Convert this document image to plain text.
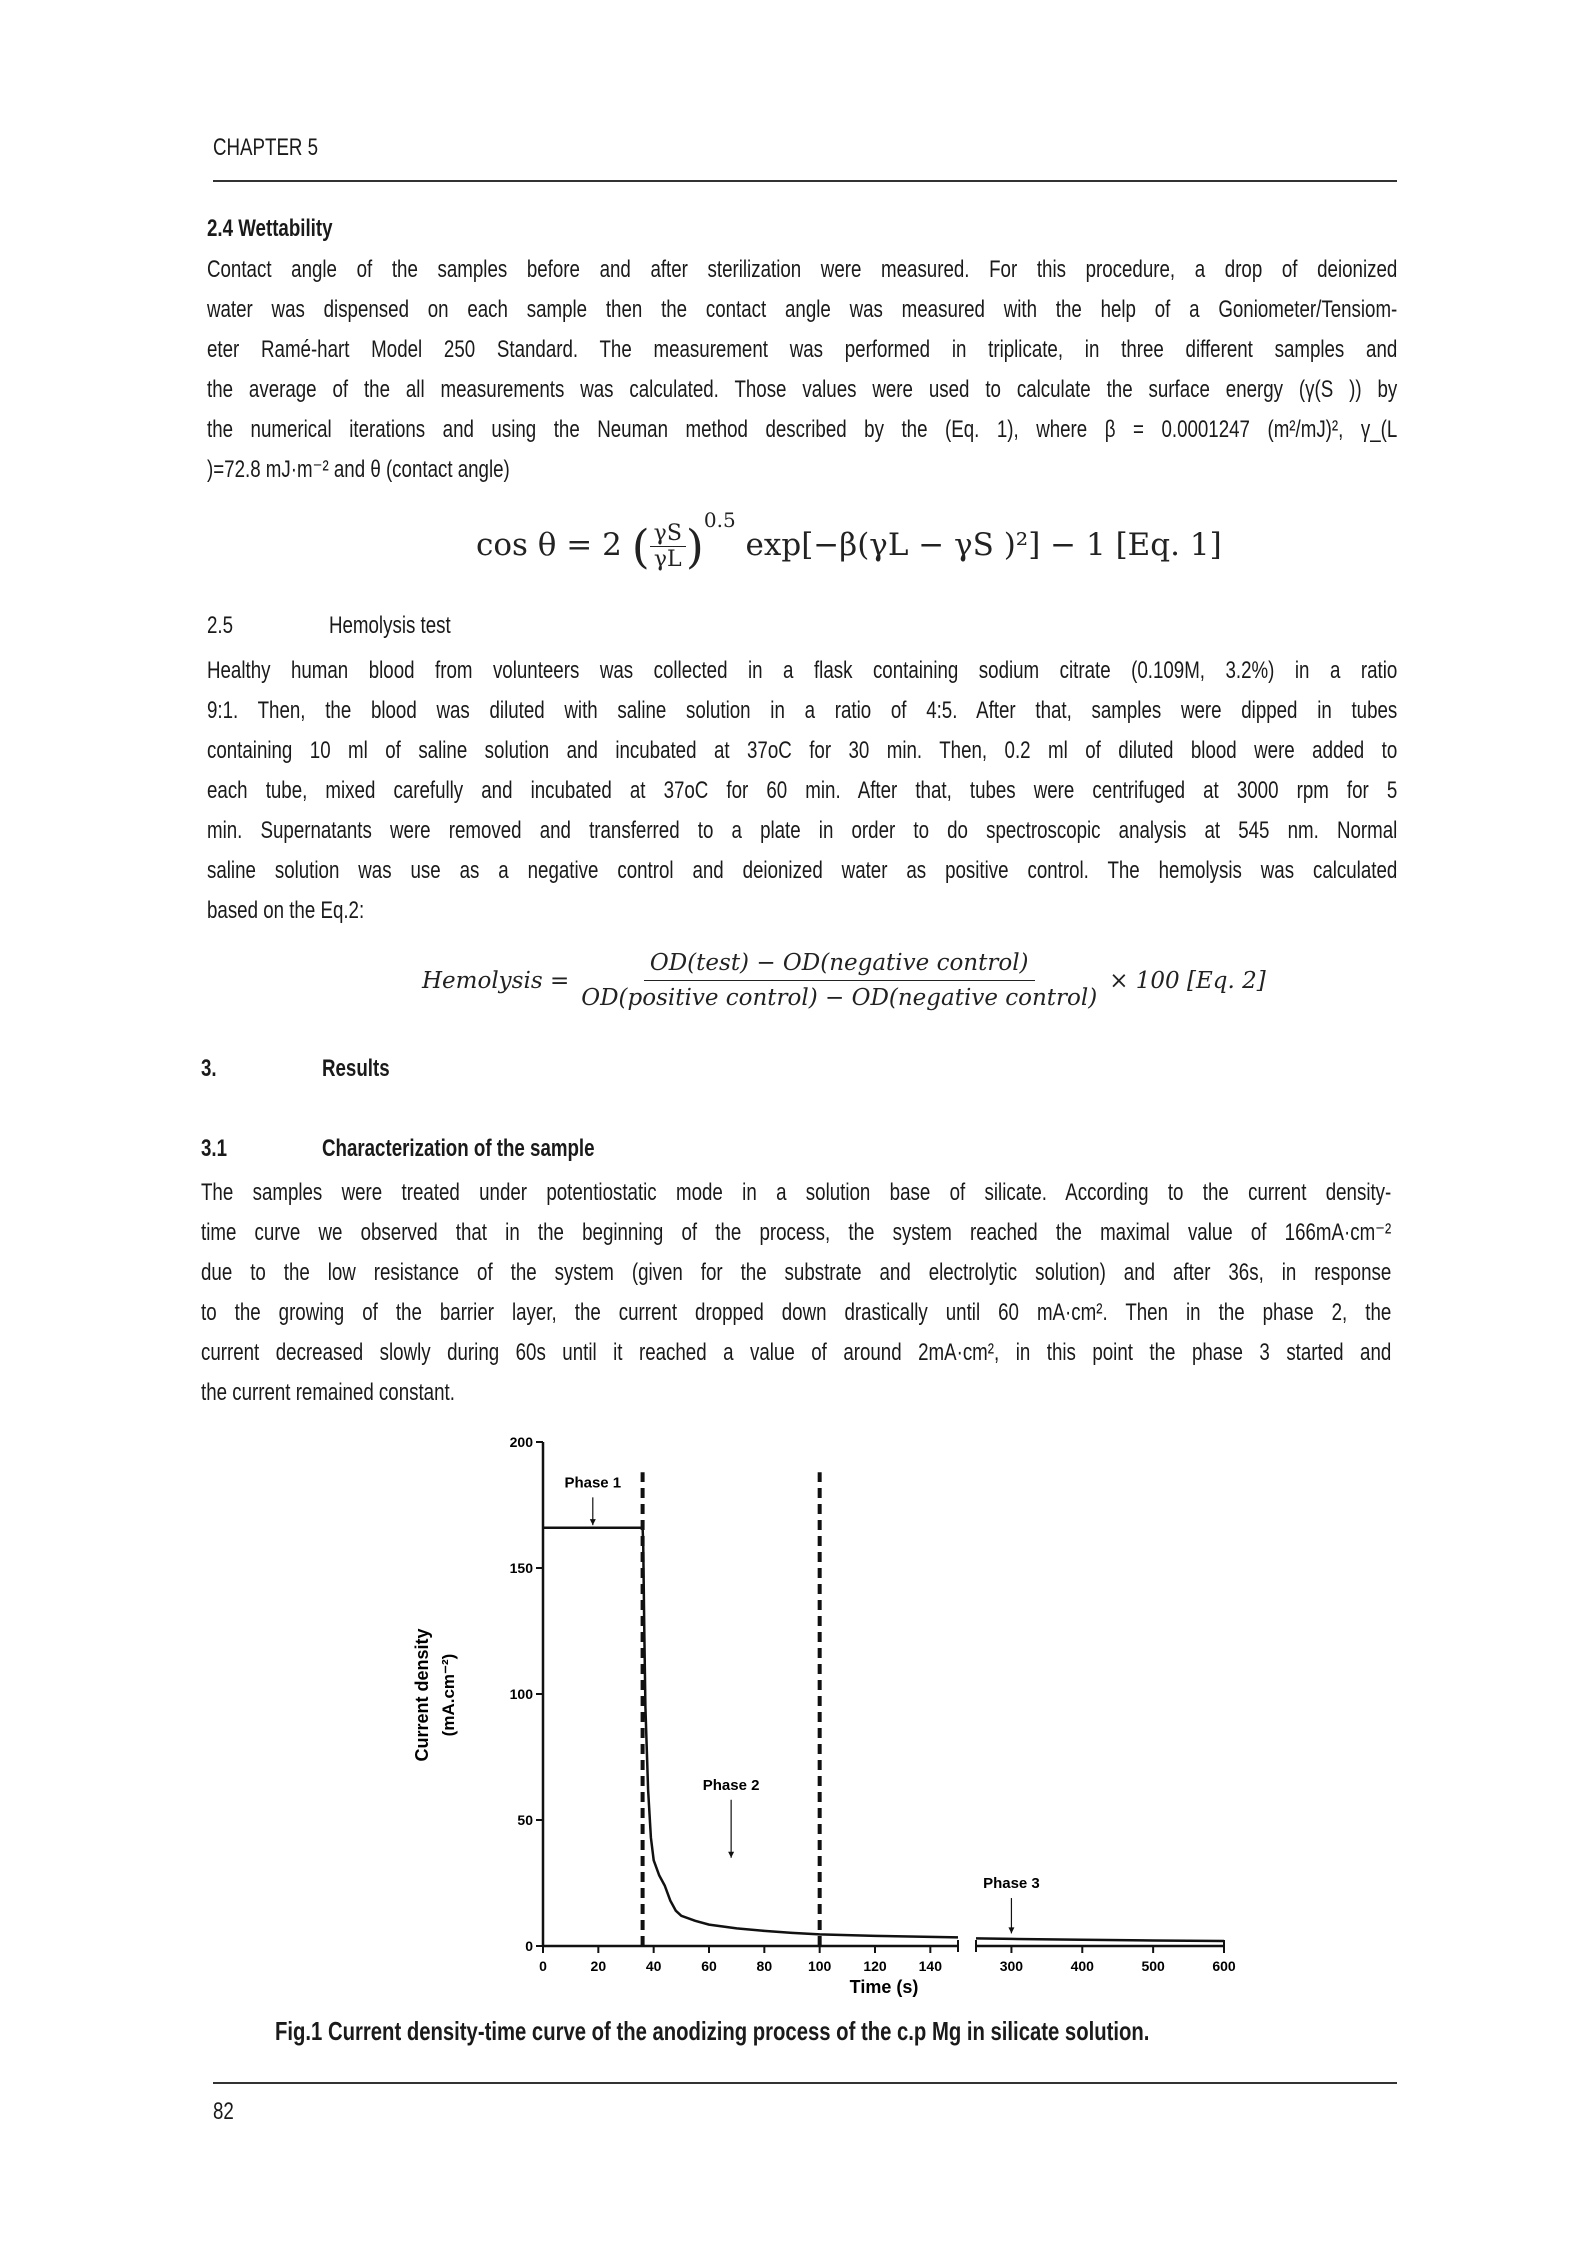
CHAPTER 5
2.4 Wettability
Contact angle of the samples before and after sterilization were measured. For this procedure, a drop of deionized
water was dispensed on each sample then the contact angle was measured with the help of a Goniometer/Tensiom-
eter Ramé-hart Model 250 Standard. The measurement was performed in triplicate, in three different samples and
the average of the all measurements was calculated. Those values were used to calculate the surface energy (γ(S )) by
the numerical iterations and using the Neuman method described by the (Eq. 1), where β = 0.0001247 (m²/mJ)², γ_(L
)=72.8 mJ·m⁻² and θ (contact angle)
cos θ = 2 ( $\frac{\gamma S}{\gamma L} )^{0.5}$ exp[−β(γL − γS )²] − 1 [Eq. 1]
2.5	Hemolysis test
Healthy human blood from volunteers was collected in a flask containing sodium citrate (0.109M, 3.2%) in a ratio
9:1. Then, the blood was diluted with saline solution in a ratio of 4:5. After that, samples were dipped in tubes
containing 10 ml of saline solution and incubated at 37oC for 30 min. Then, 0.2 ml of diluted blood were added to
each tube, mixed carefully and incubated at 37oC for 60 min. After that, tubes were centrifuged at 3000 rpm for 5
min. Supernatants were removed and transferred to a plate in order to do spectroscopic analysis at 545 nm. Normal
saline solution was use as a negative control and deionized water as positive control. The hemolysis was calculated
based on the Eq.2:
Hemolysis = $\frac{\text{OD(test) − OD(negative control)}}{\text{OD(positive control) − OD(negative control)}} \times 100$ [Eq. 2]
3.	Results
3.1	Characterization of the sample
The samples were treated under potentiostatic mode in a solution base of silicate. According to the current density-
time curve we observed that in the beginning of the process, the system reached the maximal value of 166mA·cm⁻²
due to the low resistance of the system (given for the substrate and electrolytic solution) and after 36s, in response
to the growing of the barrier layer, the current dropped down drastically until 60 mA·cm². Then in the phase 2, the
current decreased slowly during 60s until it reached a value of around 2mA·cm², in this point the phase 3 started and
the current remained constant.
0
50
100
150
200
0	20	40	60	80	100 120 140	300	400	500	600
Time (s)
Current density (mA.cm⁻²)
Phase 1
Phase 2
Phase 3
Fig.1 Current density-time curve of the anodizing process of the c.p Mg in silicate solution.
82
